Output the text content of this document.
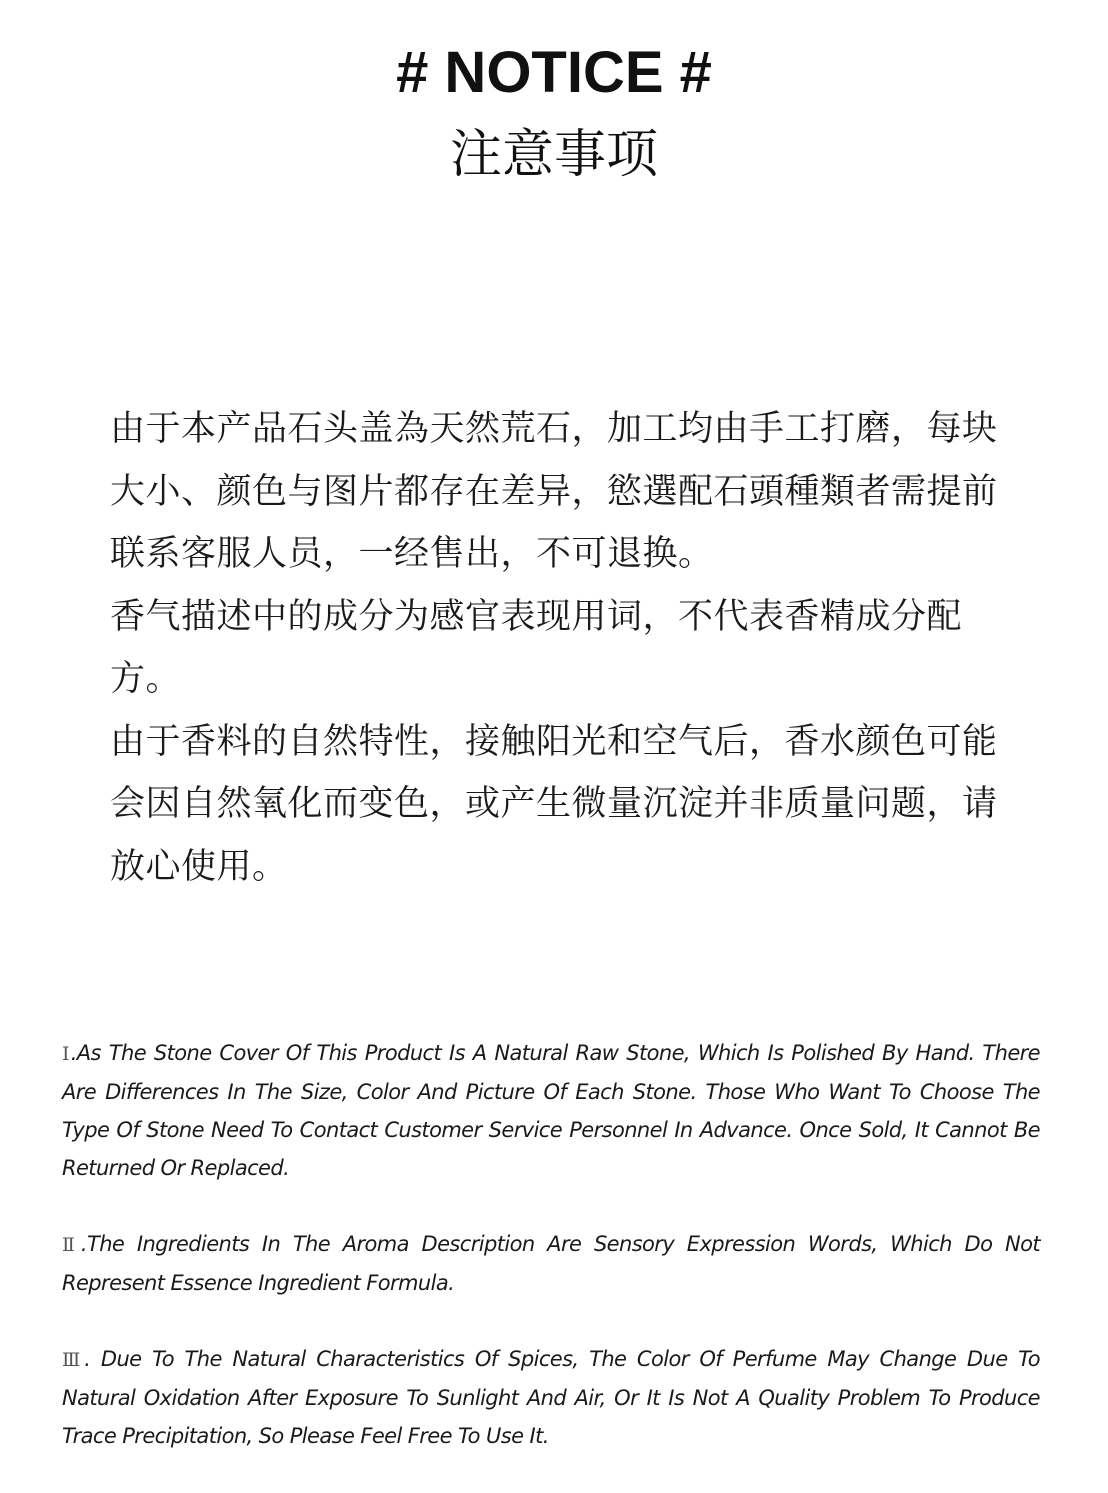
# NOTICE #
注意事项

由于本产品石头盖為天然荒石，加工均由手工打磨，每块大小、颜色与图片都存在差异，慾選配石頭種類者需提前联系客服人员，一经售出，不可退换。

香气描述中的成分为感官表现用词，不代表香精成分配方。

由于香料的自然特性，接触阳光和空气后，香水颜色可能会因自然氧化而变色，或产生微量沉淀并非质量问题，请放心使用。

Ⅰ.As The Stone Cover Of This Product Is A Natural Raw Stone, Which Is Polished By Hand. There Are Differences In The Size, Color And Picture Of Each Stone. Those Who Want To Choose The Type Of Stone Need To Contact Customer Service Personnel In Advance. Once Sold, It Cannot Be Returned Or Replaced.

Ⅱ.The Ingredients In The Aroma Description Are Sensory Expression Words, Which Do Not Represent Essence Ingredient Formula.

Ⅲ. Due To The Natural Characteristics Of Spices, The Color Of Perfume May Change Due To Natural Oxidation After Exposure To Sunlight And Air, Or It Is Not A Quality Problem To Produce Trace Precipitation, So Please Feel Free To Use It.
